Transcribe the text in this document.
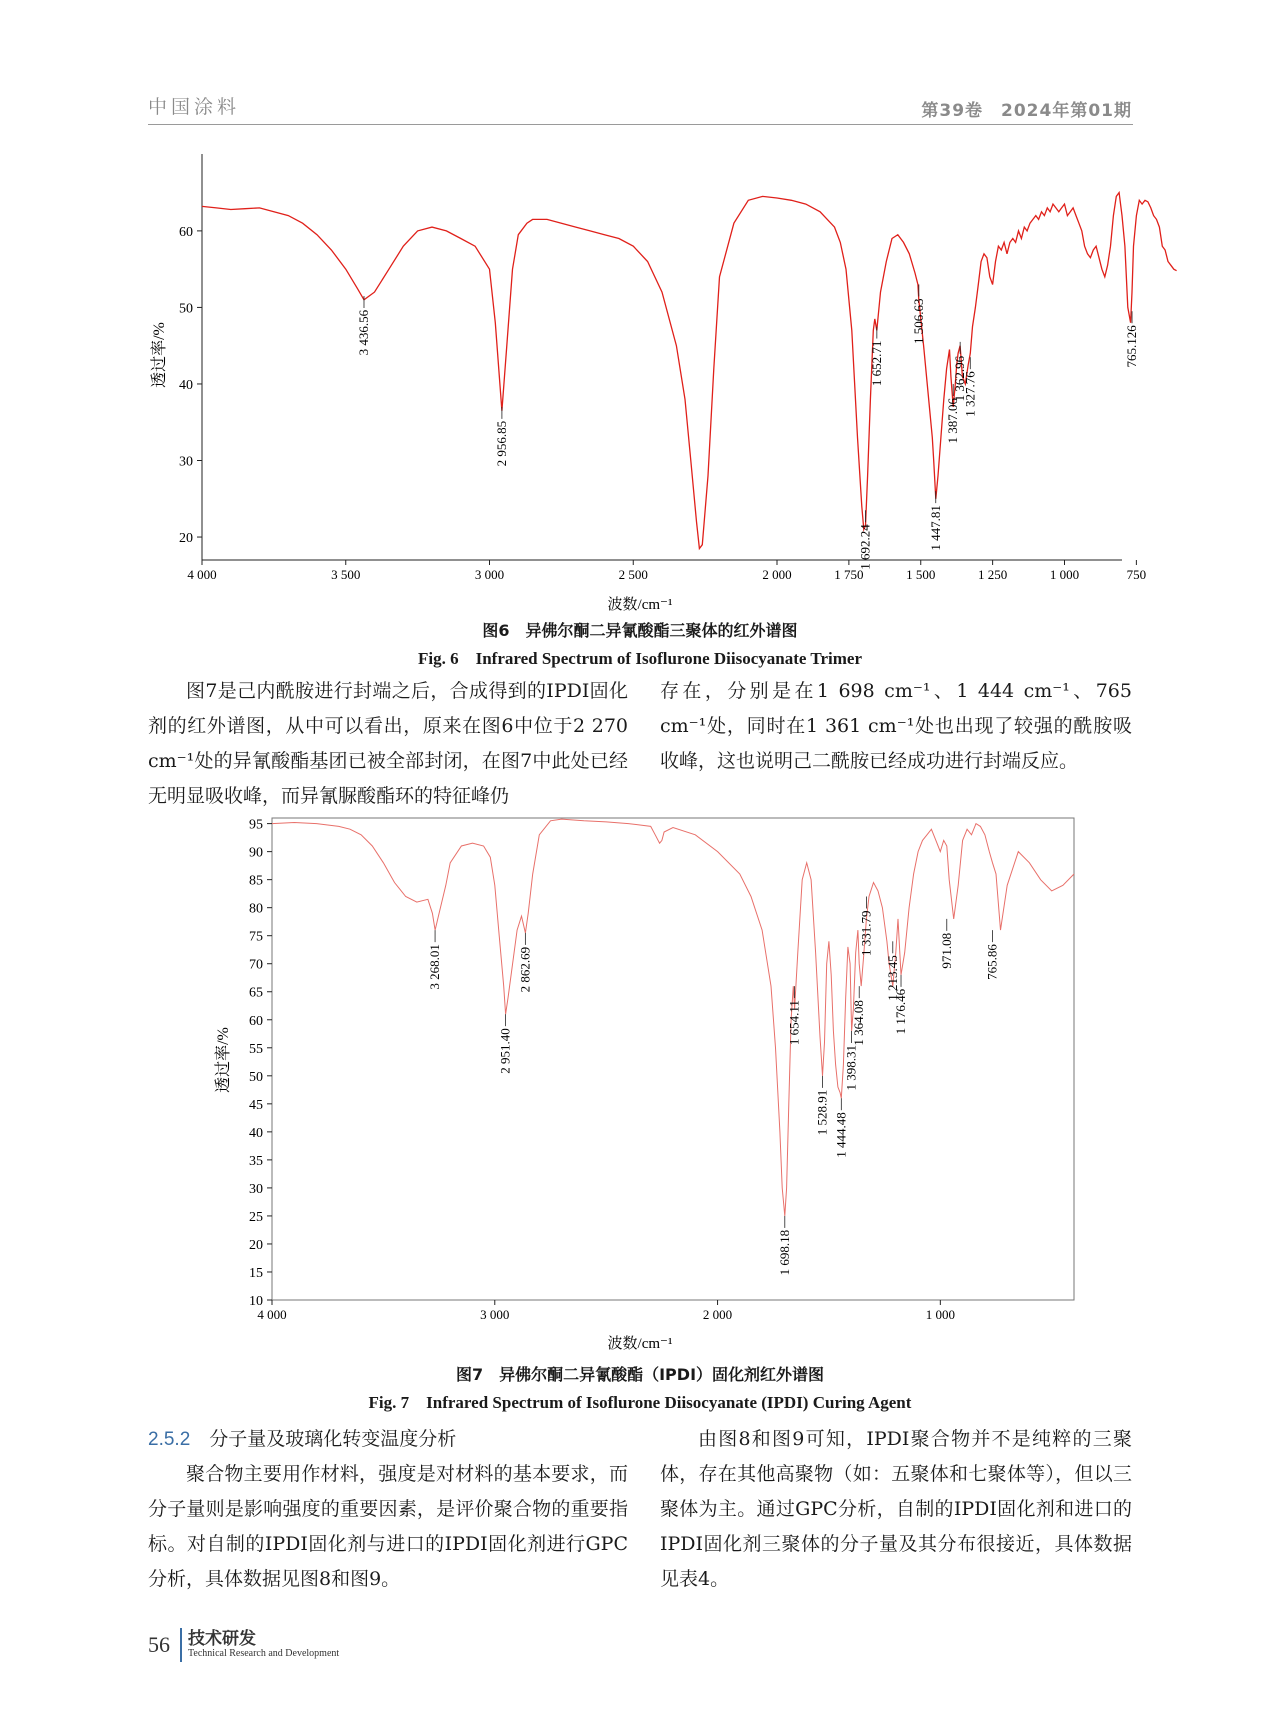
中国涂料	第39卷　2024年第01期
4 000	3 500	3 000	2 500	2 000	1 750	1 500	1 250	1 000	750
20
30
40
50
60
3 436.56
2 956.85
1 692.24
1 652.71
1 506.63
1 447.81
1 387.06
1 362.96
1 327.76
765.126
波数/cm⁻¹
透过率/%
图6　异佛尔酮二异氰酸酯三聚体的红外谱图
Fig. 6　Infrared Spectrum of Isoflurone Diisocyanate Trimer

图7是己内酰胺进行封端之后，合成得到的IPDI固化剂的红外谱图，从中可以看出，原来在图6中位于2 270 cm⁻¹处的异氰酸酯基团已被全部封闭，在图7中此处已经无明显吸收峰，而异氰脲酸酯环的特征峰仍

存在，分别是在1 698 cm⁻¹、1 444 cm⁻¹、765 cm⁻¹处，同时在1 361 cm⁻¹处也出现了较强的酰胺吸收峰，这也说明己二酰胺已经成功进行封端反应。

4 000	3 000	2 000	1 000
10
15
20
25
30
35
40
45
50
55
60
65
70
75
80
85
90
95
3 268.01
2 951.40
2 862.69
1 698.18
1 654.11
1 528.91 1 444.48
1 398.31
1 364.08
1 331.79
1 213.45
1 176.46
971.08 765.86
波数/cm⁻¹
透过率/%
图7　异佛尔酮二异氰酸酯（IPDI）固化剂红外谱图
Fig. 7　Infrared Spectrum of Isoflurone Diisocyanate (IPDI) Curing Agent

2.5.2　 分子量及玻璃化转变温度分析

聚合物主要用作材料，强度是对材料的基本要求，而分子量则是影响强度的重要因素，是评价聚合物的重要指标。对自制的IPDI固化剂与进口的IPDI固化剂进行GPC分析，具体数据见图8和图9。

由图8和图9可知，IPDI聚合物并不是纯粹的三聚体，存在其他高聚物（如：五聚体和七聚体等），但以三聚体为主。通过GPC分析，自制的IPDI固化剂和进口的IPDI固化剂三聚体的分子量及其分布很接近，具体数据见表4。

56 技术研发
Technical Research and Development
